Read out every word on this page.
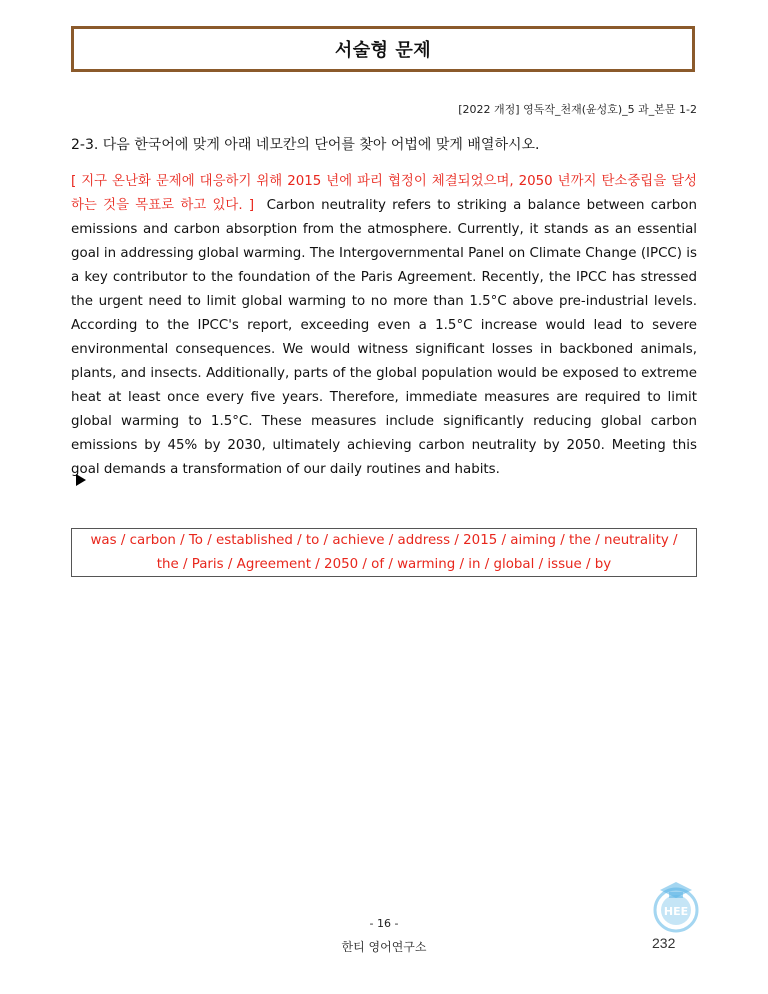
서술형 문제
[2022 개정] 영독작_천재(윤성호)_5 과_본문 1-2
2-3. 다음 한국어에 맞게 아래 네모칸의 단어를 찾아 어법에 맞게 배열하시오.
[ 지구 온난화 문제에 대응하기 위해 2015 년에 파리 협정이 체결되었으며, 2050 년까지 탄소중립을 달성하는 것을 목표로 하고 있다. ] Carbon neutrality refers to striking a balance between carbon emissions and carbon absorption from the atmosphere. Currently, it stands as an essential goal in addressing global warming. The Intergovernmental Panel on Climate Change (IPCC) is a key contributor to the foundation of the Paris Agreement. Recently, the IPCC has stressed the urgent need to limit global warming to no more than 1.5°C above pre-industrial levels. According to the IPCC's report, exceeding even a 1.5°C increase would lead to severe environmental consequences. We would witness significant losses in backboned animals, plants, and insects. Additionally, parts of the global population would be exposed to extreme heat at least once every five years. Therefore, immediate measures are required to limit global warming to 1.5°C. These measures include significantly reducing global carbon emissions by 45% by 2030, ultimately achieving carbon neutrality by 2050. Meeting this goal demands a transformation of our daily routines and habits.
was / carbon / To / established / to / achieve / address / 2015 / aiming / the / neutrality / the / Paris / Agreement / 2050 / of / warming / in / global / issue / by
- 16 -
한티 영어연구소
HEE
232
